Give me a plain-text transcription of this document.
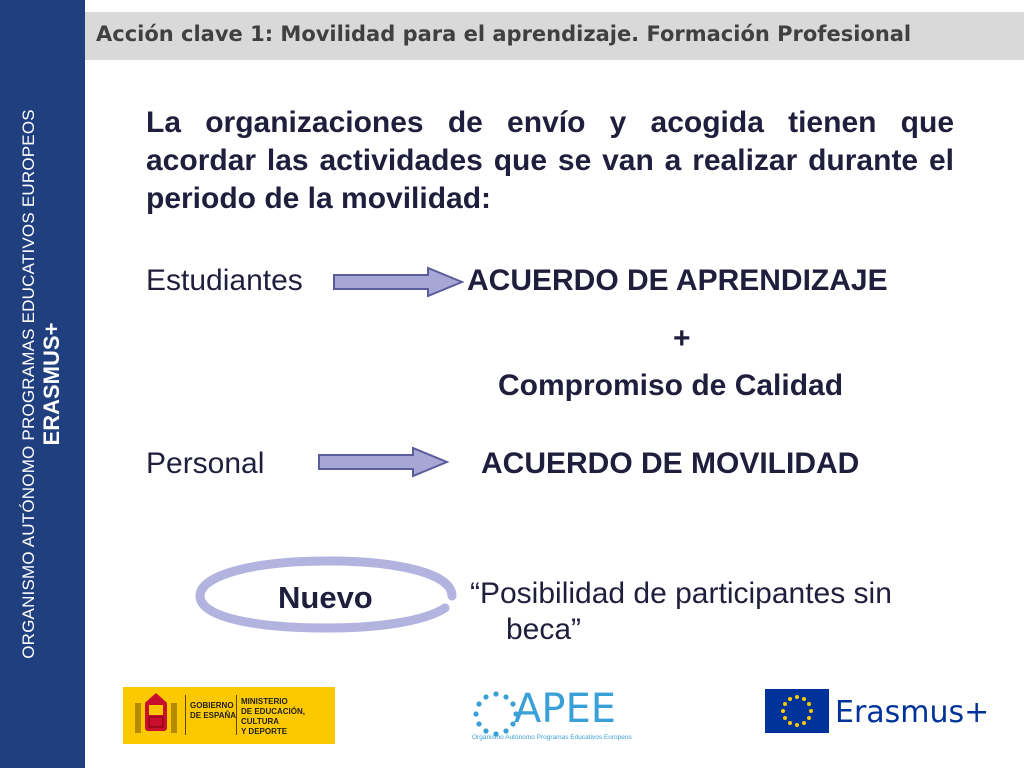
ORGANISMO AUTÓNOMO PROGRAMAS EDUCATIVOS EUROPEOS ERASMUS+
Acción clave 1: Movilidad para el aprendizaje. Formación Profesional
La organizaciones de envío y acogida tienen que acordar las actividades que se van a realizar durante el periodo de la movilidad:
Estudiantes	ACUERDO DE APRENDIZAJE
+
Compromiso de Calidad
Personal	ACUERDO DE MOVILIDAD
Nuevo	“Posibilidad de participantes sin
beca”
GOBIERNO
DE ESPAÑA
MINISTERIO
DE EDUCACIÓN, CULTURA
Y DEPORTE	APEE
Organismo Autónomo Programas Educativos Europeos
Erasmus+
